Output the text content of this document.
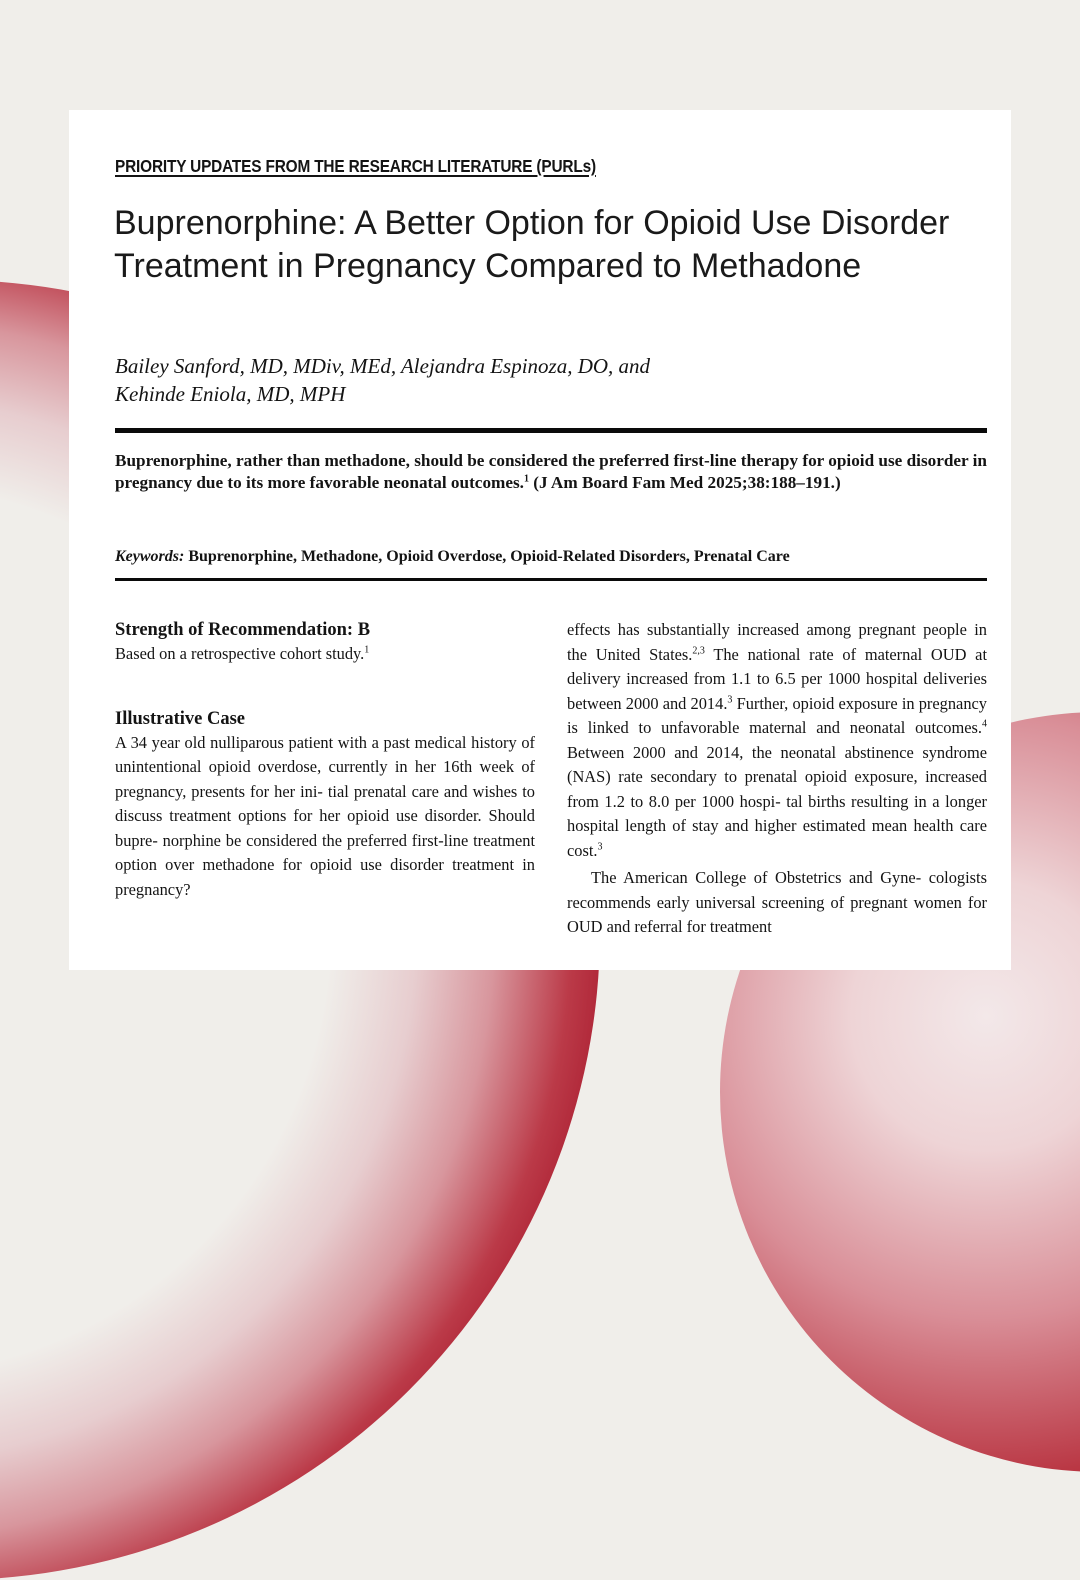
PRIORITY UPDATES FROM THE RESEARCH LITERATURE (PURLs)
Buprenorphine: A Better Option for Opioid Use Disorder Treatment in Pregnancy Compared to Methadone
Bailey Sanford, MD, MDiv, MEd, Alejandra Espinoza, DO, and
Kehinde Eniola, MD, MPH
Buprenorphine, rather than methadone, should be considered the preferred first-line therapy for opioid use disorder in pregnancy due to its more favorable neonatal outcomes.$^1$ (J Am Board Fam Med 2025;38:188–191.)
Keywords: Buprenorphine, Methadone, Opioid Overdose, Opioid-Related Disorders, Prenatal Care
Strength of Recommendation: B

Based on a retrospective cohort study.$^1$

Illustrative Case

A 34 year old nulliparous patient with a past medical history of unintentional opioid overdose, currently in her 16th week of pregnancy, presents for her ini- tial prenatal care and wishes to discuss treatment options for her opioid use disorder. Should bupre- norphine be considered the preferred first-line treatment option over methadone for opioid use disorder treatment in pregnancy?

effects has substantially increased among pregnant people in the United States.$^{2,3}$ The national rate of maternal OUD at delivery increased from 1.1 to 6.5 per 1000 hospital deliveries between 2000 and 2014.$^3$ Further, opioid exposure in pregnancy is linked to unfavorable maternal and neonatal outcomes.$^4$ Between 2000 and 2014, the neonatal abstinence syndrome (NAS) rate secondary to prenatal opioid exposure, increased from 1.2 to 8.0 per 1000 hospi- tal births resulting in a longer hospital length of stay and higher estimated mean health care cost.$^3$

The American College of Obstetrics and Gyne- cologists recommends early universal screening of pregnant women for OUD and referral for treatment
